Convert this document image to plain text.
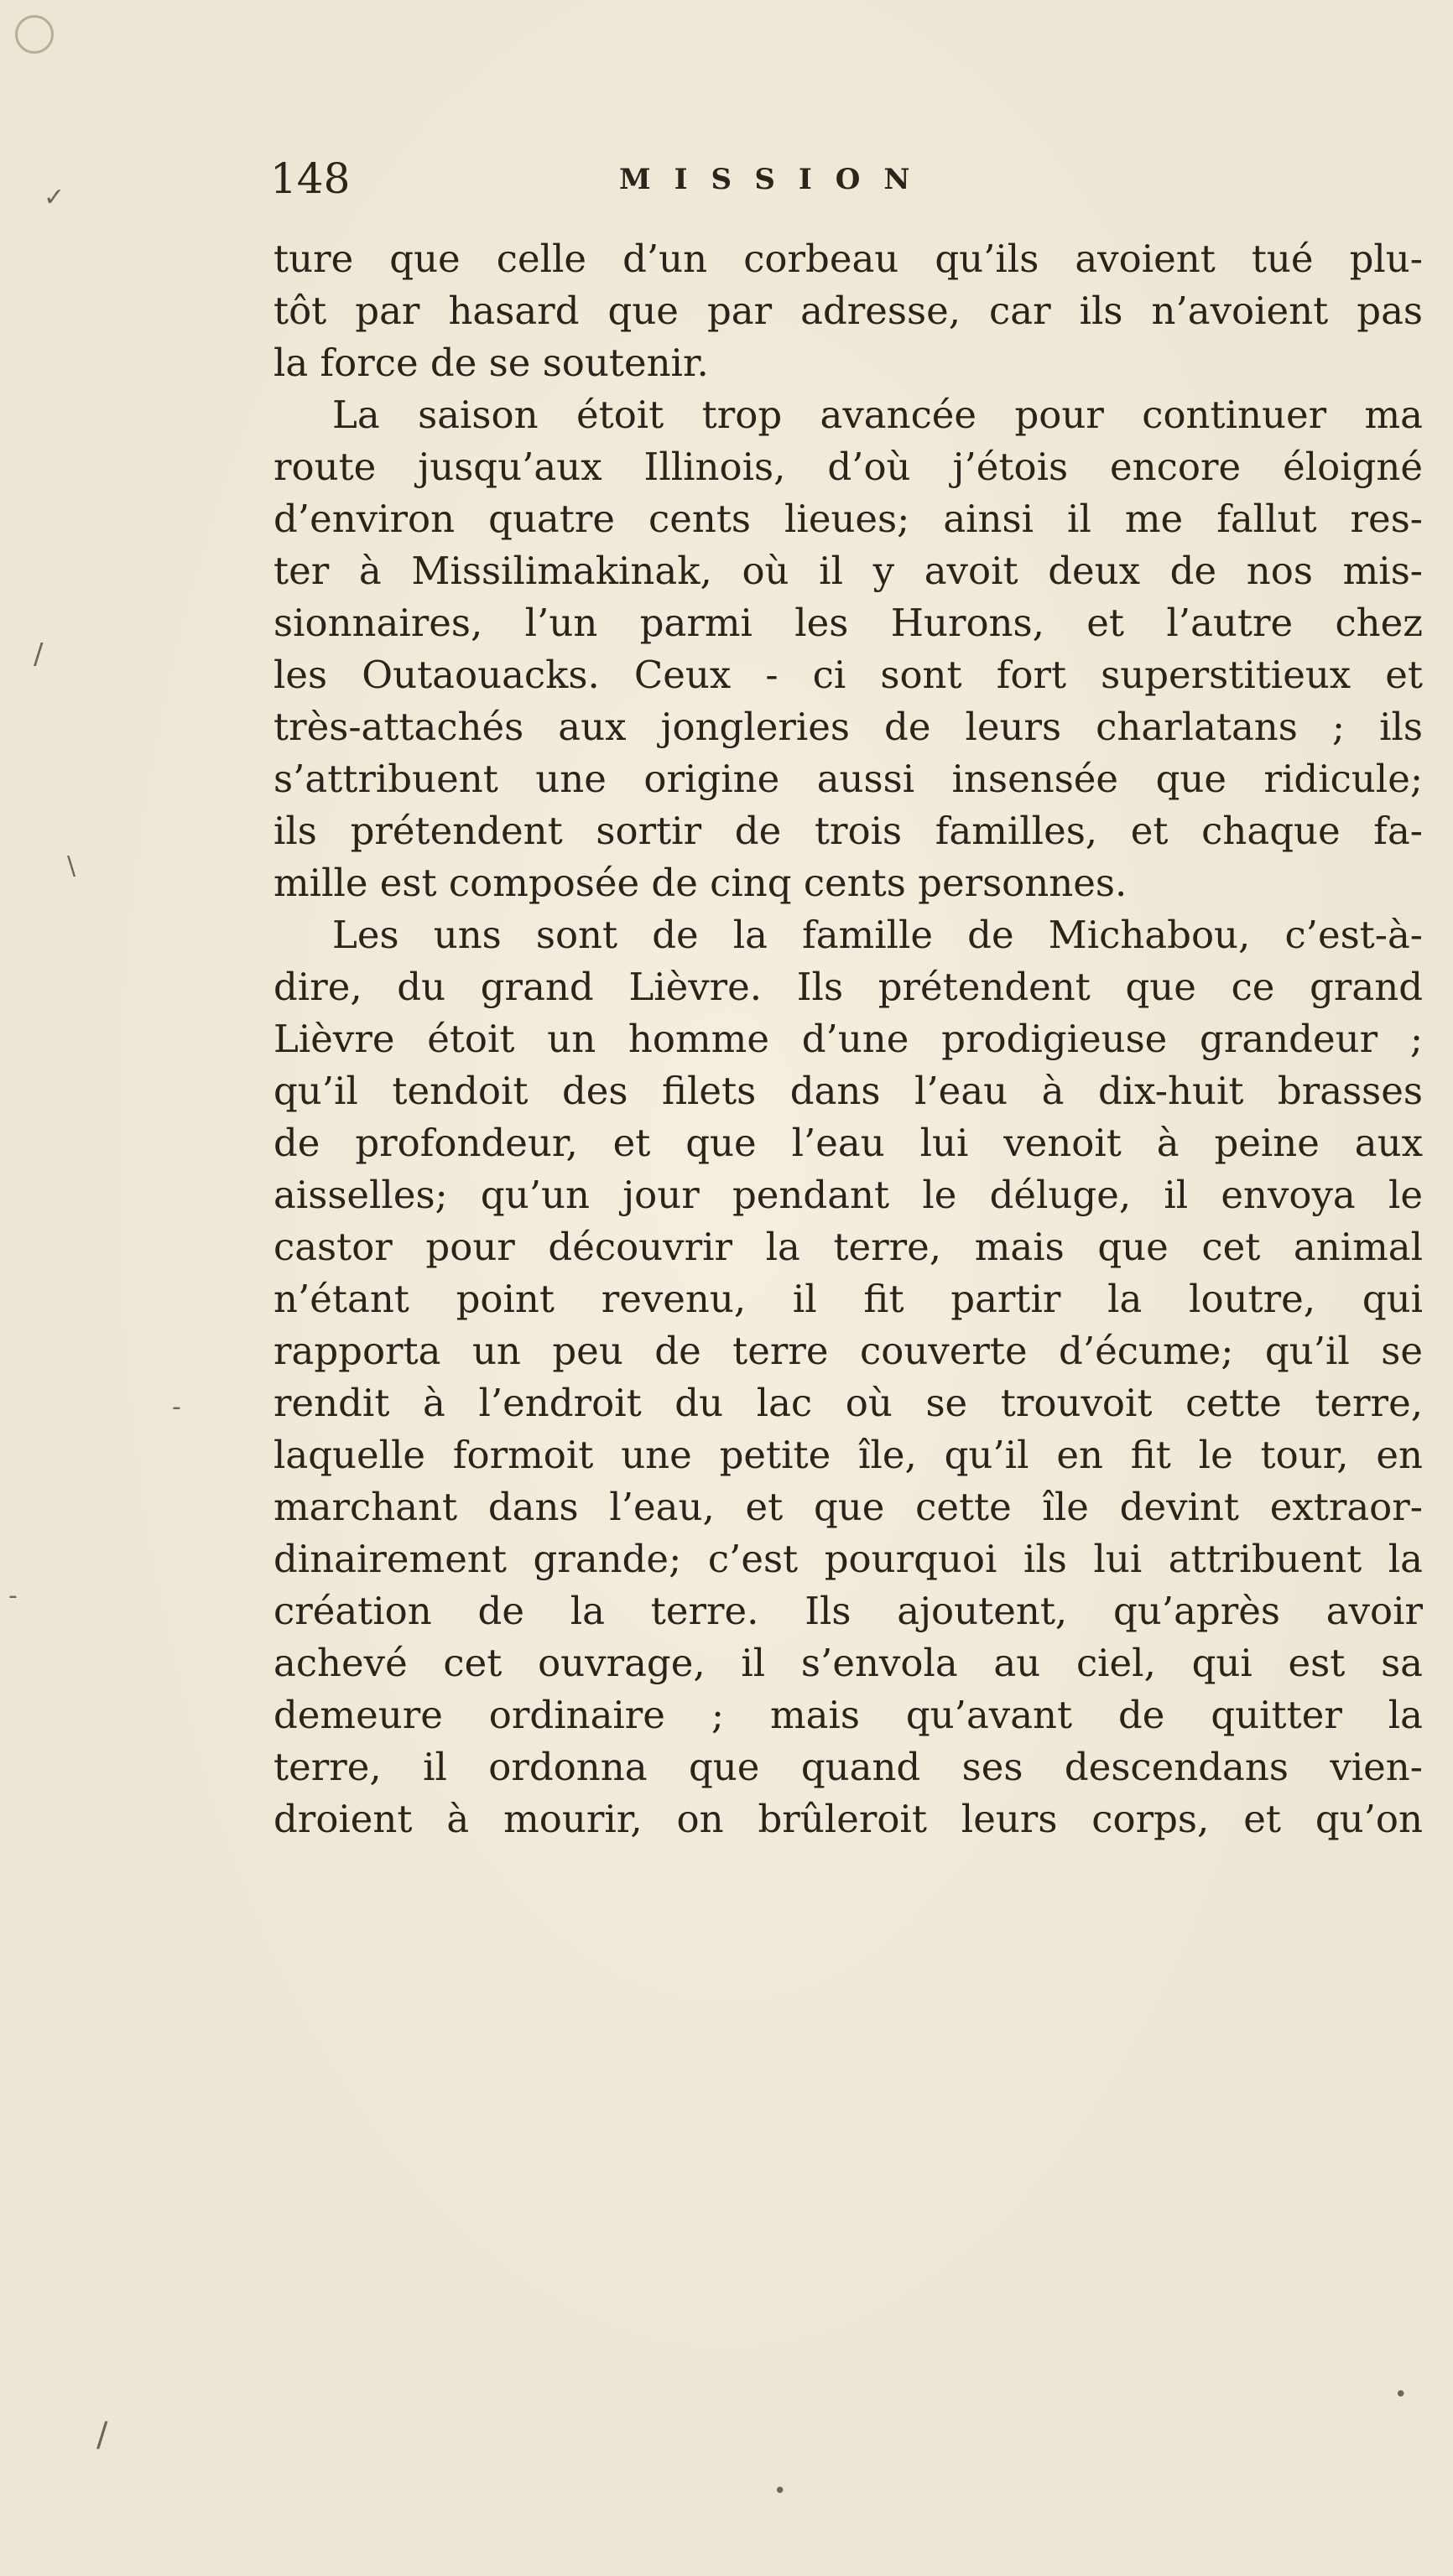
148	MISSION
ture que celle d’un corbeau qu’ils avoient tué plu-
tôt par hasard que par adresse, car ils n’avoient pas
la force de se soutenir.
La saison étoit trop avancée pour continuer ma
route jusqu’aux Illinois, d’où j’étois encore éloigné
d’environ quatre cents lieues; ainsi il me fallut res-
ter à Missilimakinak, où il y avoit deux de nos mis-
sionnaires, l’un parmi les Hurons, et l’autre chez
les Outaouacks. Ceux - ci sont fort superstitieux et
très-attachés aux jongleries de leurs charlatans ; ils
s’attribuent une origine aussi insensée que ridicule;
ils prétendent sortir de trois familles, et chaque fa-
mille est composée de cinq cents personnes.
Les uns sont de la famille de Michabou, c’est-à-
dire, du grand Lièvre. Ils prétendent que ce grand
Lièvre étoit un homme d’une prodigieuse grandeur ;
qu’il tendoit des filets dans l’eau à dix-huit brasses
de profondeur, et que l’eau lui venoit à peine aux
aisselles; qu’un jour pendant le déluge, il envoya le
castor pour découvrir la terre, mais que cet animal
n’étant point revenu, il fit partir la loutre, qui
rapporta un peu de terre couverte d’écume; qu’il se
rendit à l’endroit du lac où se trouvoit cette terre,
laquelle formoit une petite île, qu’il en fit le tour, en
marchant dans l’eau, et que cette île devint extraor-
dinairement grande; c’est pourquoi ils lui attribuent la
création de la terre. Ils ajoutent, qu’après avoir
achevé cet ouvrage, il s’envola au ciel, qui est sa
demeure ordinaire ; mais qu’avant de quitter la
terre, il ordonna que quand ses descendans vien-
droient à mourir, on brûleroit leurs corps, et qu’on
✓
/
\
-
-
/
•
•
